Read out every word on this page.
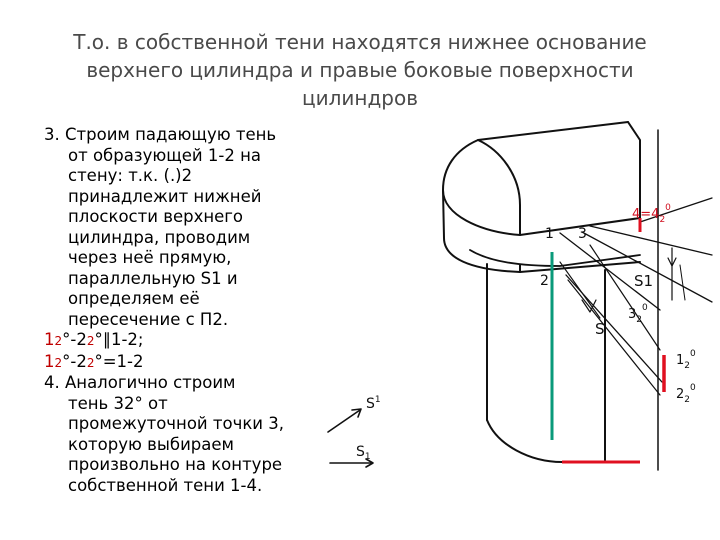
Т.о. в собственной тени находятся нижнее основание
верхнего цилиндра и правые боковые поверхности
цилиндров
3. Строим падающую тень
от образующей 1-2 на
стену: т.к. (.)2
принадлежит нижней
плоскости верхнего
цилиндра, проводим
через неё прямую,
параллельную S1 и
определяем её
пересечение с П2.
12°-22°∥1-2;
12°-22°=1-2
4. Аналогично строим
тень 32° от
промежуточной точки 3,
которую выбираем
произвольно на контуре
собственной тени 1-4.
1
2
3
$4=4_2^0$
S1
S
$3_2^0$
$1_2^0$
$2_2^0$
$S^1$
$S_1$
